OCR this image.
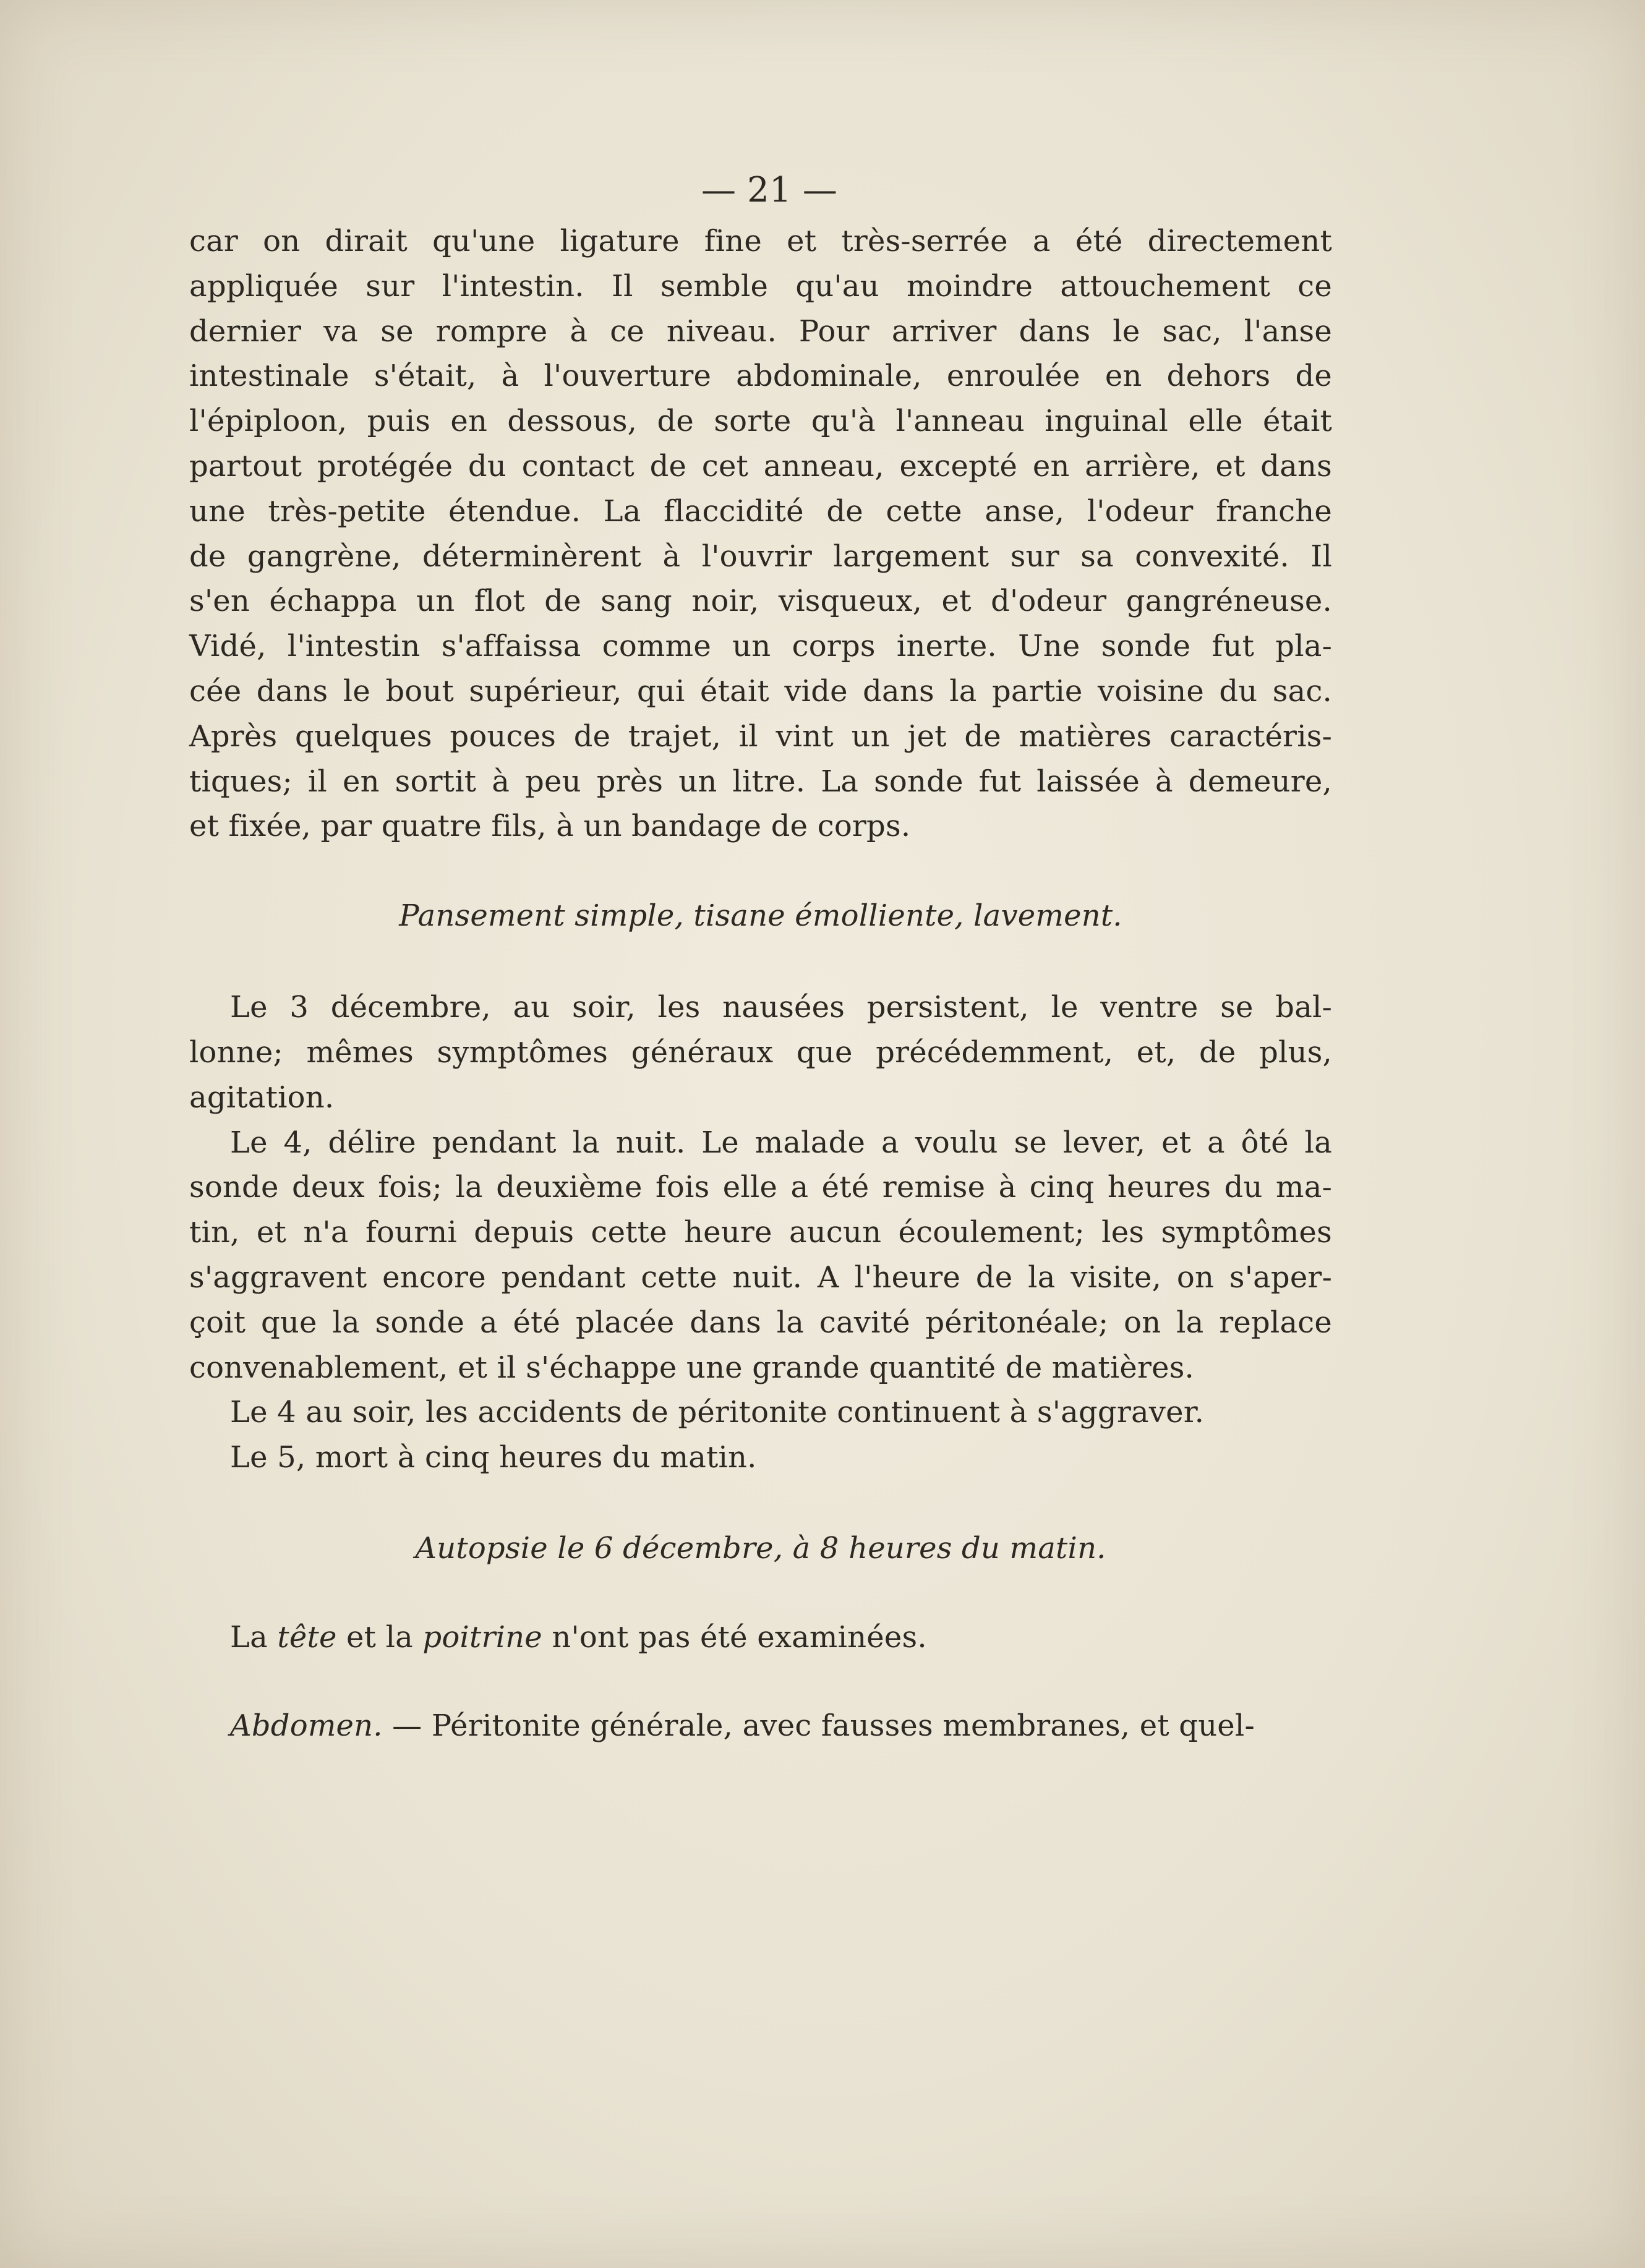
— 21 —
car on dirait qu'une ligature fine et très-serrée a été directement
appliquée sur l'intestin. Il semble qu'au moindre attouchement ce
dernier va se rompre à ce niveau. Pour arriver dans le sac, l'anse
intestinale s'était, à l'ouverture abdominale, enroulée en dehors de
l'épiploon, puis en dessous, de sorte qu'à l'anneau inguinal elle était
partout protégée du contact de cet anneau, excepté en arrière, et dans
une très-petite étendue. La flaccidité de cette anse, l'odeur franche
de gangrène, déterminèrent à l'ouvrir largement sur sa convexité. Il
s'en échappa un flot de sang noir, visqueux, et d'odeur gangréneuse.
Vidé, l'intestin s'affaissa comme un corps inerte. Une sonde fut pla-
cée dans le bout supérieur, qui était vide dans la partie voisine du sac.
Après quelques pouces de trajet, il vint un jet de matières caractéris-
tiques; il en sortit à peu près un litre. La sonde fut laissée à demeure,
et fixée, par quatre fils, à un bandage de corps.
Pansement simple, tisane émolliente, lavement.
Le 3 décembre, au soir, les nausées persistent, le ventre se bal-
lonne; mêmes symptômes généraux que précédemment, et, de plus,
agitation.
Le 4, délire pendant la nuit. Le malade a voulu se lever, et a ôté la
sonde deux fois; la deuxième fois elle a été remise à cinq heures du ma-
tin, et n'a fourni depuis cette heure aucun écoulement; les symptômes
s'aggravent encore pendant cette nuit. A l'heure de la visite, on s'aper-
çoit que la sonde a été placée dans la cavité péritonéale; on la replace
convenablement, et il s'échappe une grande quantité de matières.
Le 4 au soir, les accidents de péritonite continuent à s'aggraver.
Le 5, mort à cinq heures du matin.
Autopsie le 6 décembre, à 8 heures du matin.
La tête et la poitrine n'ont pas été examinées.
Abdomen. — Péritonite générale, avec fausses membranes, et quel-
